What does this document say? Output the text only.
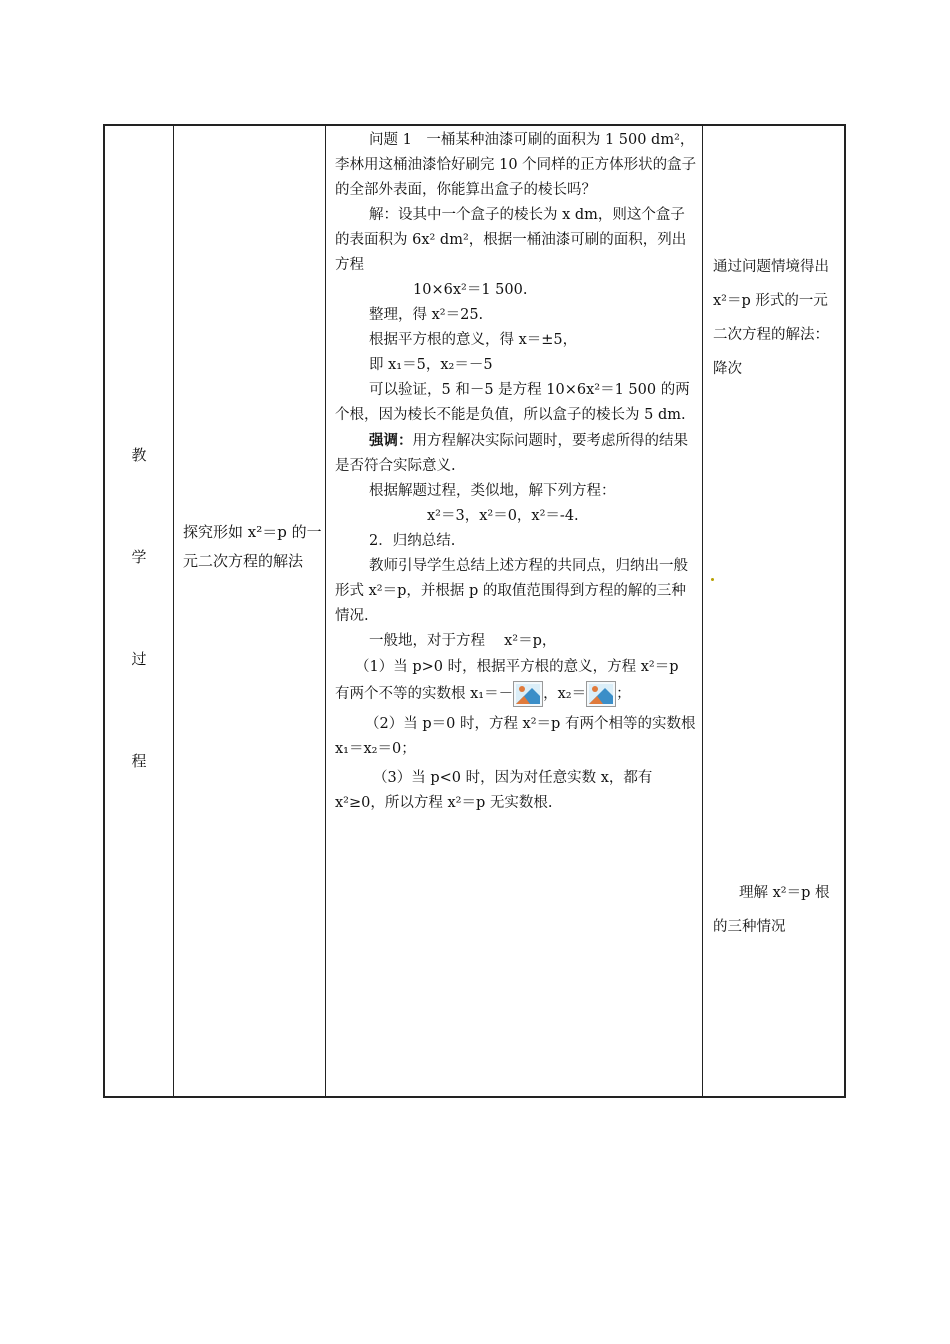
教
学
过
程
探究形如 x²＝p 的一元二次方程的解法

问题 1　一桶某种油漆可刷的面积为 1 500 dm²，李林用这桶油漆恰好刷完 10 个同样的正方体形状的盒子的全部外表面，你能算出盒子的棱长吗？

解：设其中一个盒子的棱长为 x dm，则这个盒子的表面积为 6x² dm²，根据一桶油漆可刷的面积，列出方程

10×6x²＝1 500.

整理，得 x²＝25.

根据平方根的意义，得 x＝±5，

即 x₁＝5，x₂＝－5

可以验证，5 和－5 是方程 10×6x²＝1 500 的两个根，因为棱长不能是负值，所以盒子的棱长为 5 dm.

强调：用方程解决实际问题时，要考虑所得的结果是否符合实际意义.

根据解题过程，类似地，解下列方程：

x²＝3，x²＝0，x²＝-4.

2．归纳总结.

教师引导学生总结上述方程的共同点，归纳出一般形式 x²＝p，并根据 p 的取值范围得到方程的解的三种情况.

一般地，对于方程　 x²＝p，

（1）当 p>0 时，根据平方根的意义，方程 x²＝p 有两个不等的实数根 x₁＝－ ，x₂＝ ；

（2）当 p＝0 时，方程 x²＝p 有两个相等的实数根 x₁＝x₂＝0；

（3）当 p<0 时，因为对任意实数 x，都有 x²≥0，所以方程 x²＝p 无实数根.

通过问题情境得出 x²＝p 形式的一元二次方程的解法：降次
理解 x²＝p 根的三种情况
